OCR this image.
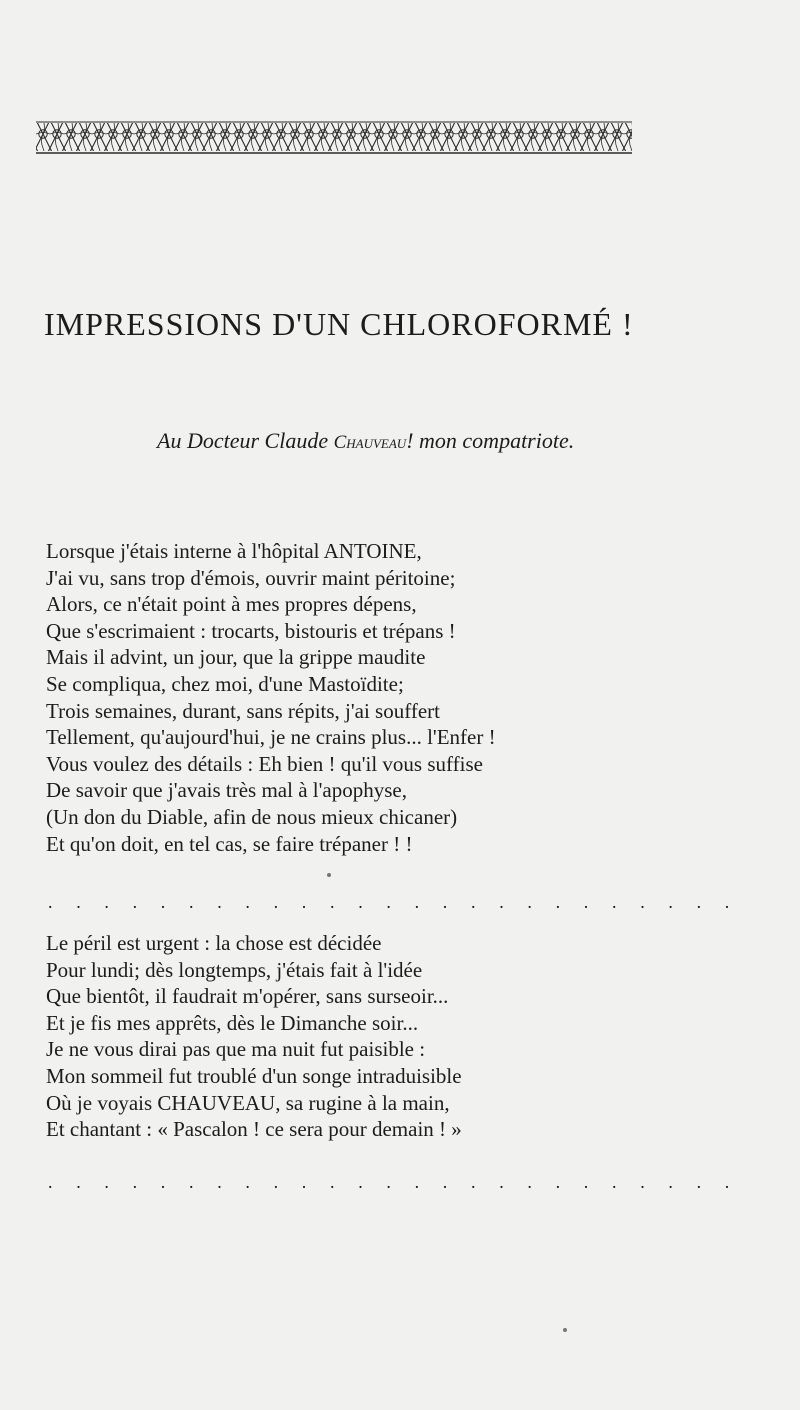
IMPRESSIONS D'UN CHLOROFORMÉ !

Au Docteur Claude Chauveau! mon compatriote.

Lorsque j'étais interne à l'hôpital ANTOINE,
J'ai vu, sans trop d'émois, ouvrir maint péritoine;
Alors, ce n'était point à mes propres dépens,
Que s'escrimaient : trocarts, bistouris et trépans !
Mais il advint, un jour, que la grippe maudite
Se compliqua, chez moi, d'une Mastoïdite;
Trois semaines, durant, sans répits, j'ai souffert
Tellement, qu'aujourd'hui, je ne crains plus... l'Enfer !
Vous voulez des détails : Eh bien ! qu'il vous suffise
De savoir que j'avais très mal à l'apophyse,
(Un don du Diable, afin de nous mieux chicaner)
Et qu'on doit, en tel cas, se faire trépaner ! !

. . . . . . . . . . . . . . . . . . . . . . . . .

Le péril est urgent : la chose est décidée
Pour lundi; dès longtemps, j'étais fait à l'idée
Que bientôt, il faudrait m'opérer, sans surseoir...
Et je fis mes apprêts, dès le Dimanche soir...
Je ne vous dirai pas que ma nuit fut paisible :
Mon sommeil fut troublé d'un songe intraduisible
Où je voyais CHAUVEAU, sa rugine à la main,
Et chantant : « Pascalon ! ce sera pour demain ! »

. . . . . . . . . . . . . . . . . . . . . . . . .
